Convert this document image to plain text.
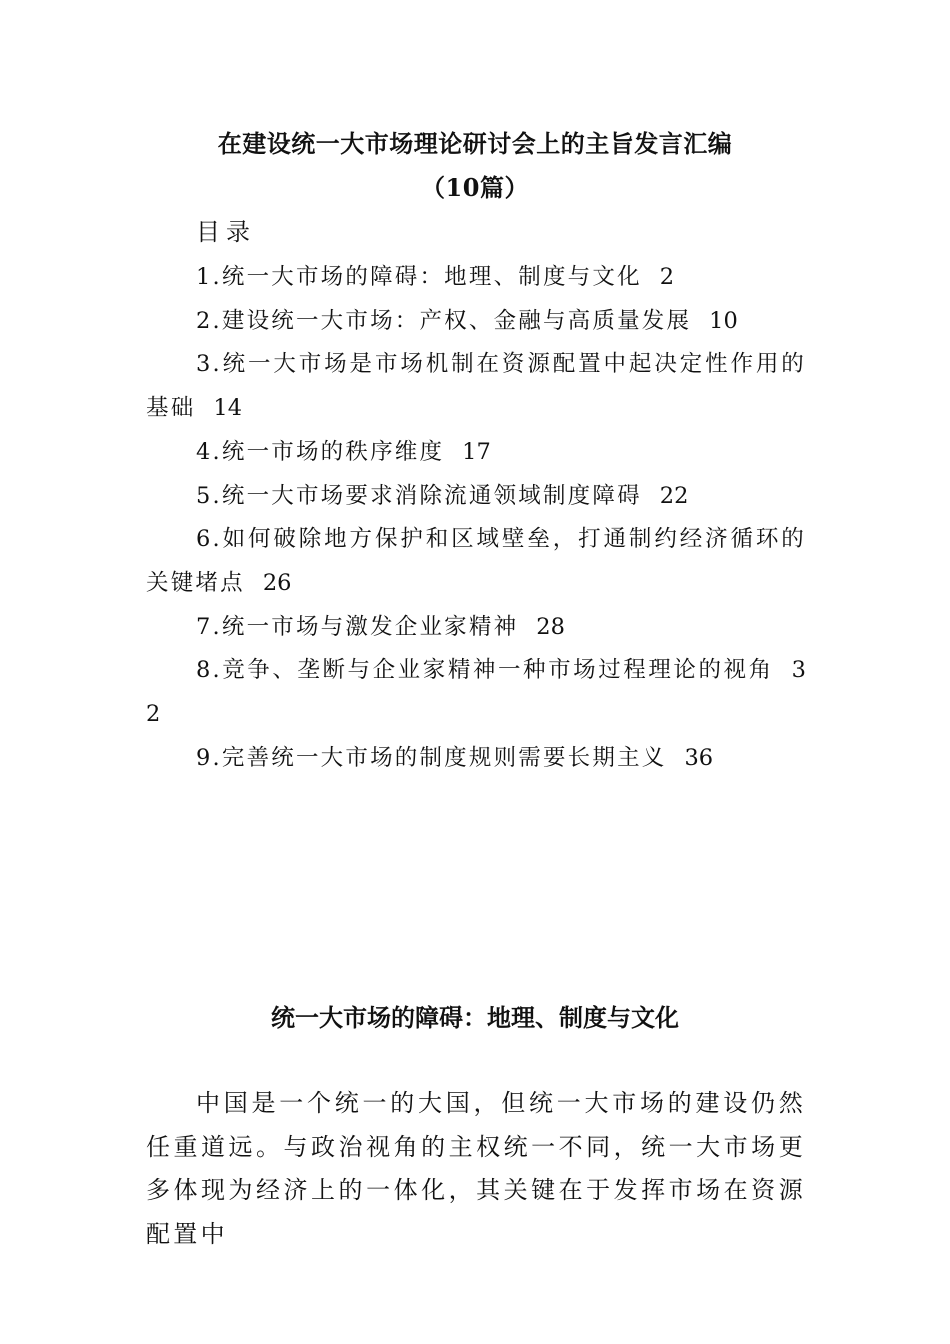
在建设统一大市场理论研讨会上的主旨发言汇编
（10篇）
目录
1.统一大市场的障碍：地理、制度与文化 2
2.建设统一大市场：产权、金融与高质量发展 10
3.统一大市场是市场机制在资源配置中起决定性作用的基础 14
4.统一市场的秩序维度 17
5.统一大市场要求消除流通领域制度障碍 22
6.如何破除地方保护和区域壁垒，打通制约经济循环的关键堵点 26
7.统一市场与激发企业家精神 28
8.竞争、垄断与企业家精神一种市场过程理论的视角 32
9.完善统一大市场的制度规则需要长期主义 36
统一大市场的障碍：地理、制度与文化

中国是一个统一的大国，但统一大市场的建设仍然任重道远。与政治视角的主权统一不同，统一大市场更多体现为经济上的一体化，其关键在于发挥市场在资源配置中
